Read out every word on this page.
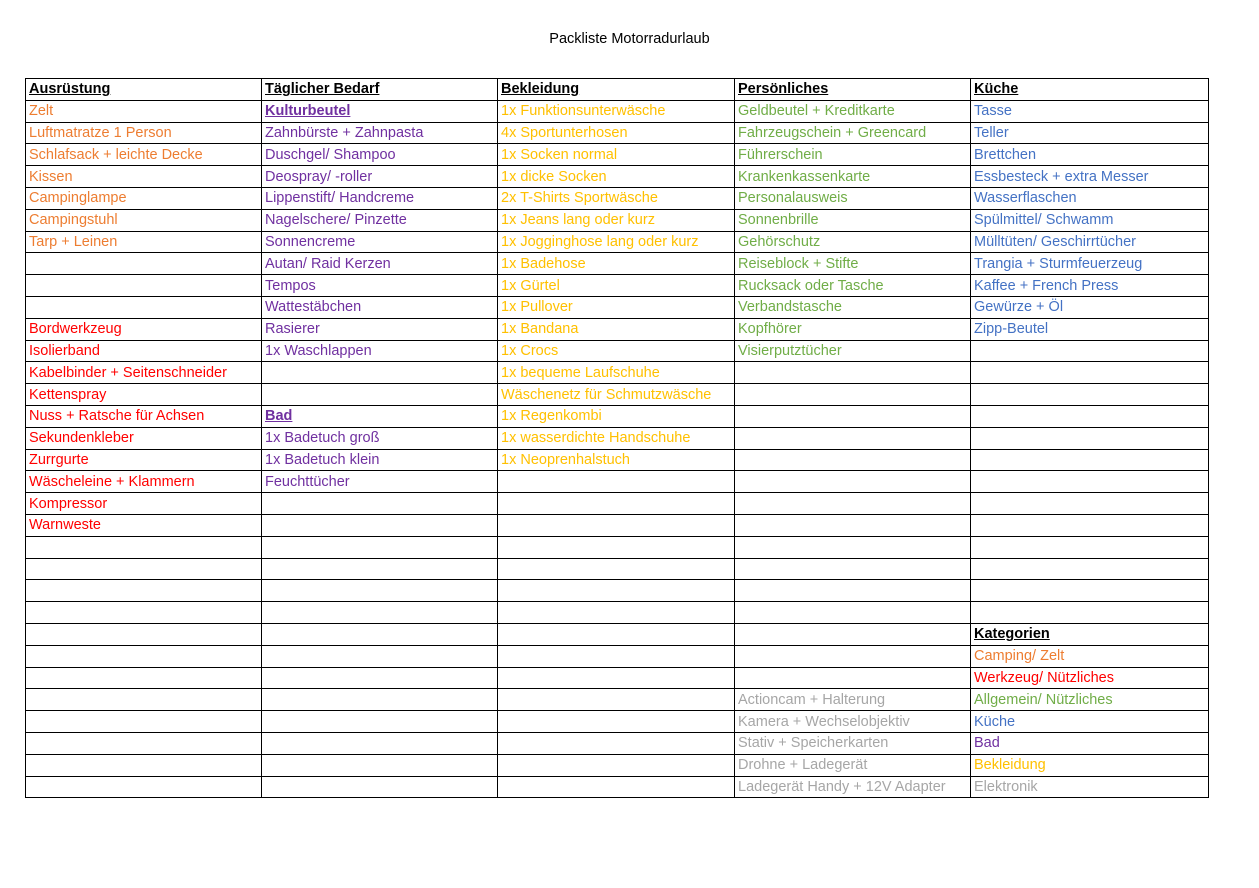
Packliste Motorradurlaub
Ausrüstung	Täglicher Bedarf	Bekleidung	Persönliches	Küche
Zelt	Kulturbeutel	1x Funktionsunterwäsche	Geldbeutel + Kreditkarte	Tasse
Luftmatratze 1 Person	Zahnbürste + Zahnpasta	4x Sportunterhosen	Fahrzeugschein + Greencard	Teller
Schlafsack + leichte Decke	Duschgel/ Shampoo	1x Socken normal	Führerschein	Brettchen
Kissen	Deospray/ -roller	1x dicke Socken	Krankenkassenkarte	Essbesteck + extra Messer
Campinglampe	Lippenstift/ Handcreme	2x T-Shirts Sportwäsche	Personalausweis	Wasserflaschen
Campingstuhl	Nagelschere/ Pinzette	1x Jeans lang oder kurz	Sonnenbrille	Spülmittel/ Schwamm
Tarp + Leinen	Sonnencreme	1x Jogginghose lang oder kurz	Gehörschutz	Mülltüten/ Geschirrtücher
	Autan/ Raid Kerzen	1x Badehose	Reiseblock + Stifte	Trangia + Sturmfeuerzeug
	Tempos	1x Gürtel	Rucksack oder Tasche	Kaffee + French Press
	Wattestäbchen	1x Pullover	Verbandstasche	Gewürze + Öl
Bordwerkzeug	Rasierer	1x Bandana	Kopfhörer	Zipp-Beutel
Isolierband	1x Waschlappen	1x Crocs	Visierputztücher	
Kabelbinder + Seitenschneider		1x bequeme Laufschuhe		
Kettenspray		Wäschenetz für Schmutzwäsche		
Nuss + Ratsche für Achsen	Bad	1x Regenkombi		
Sekundenkleber	1x Badetuch groß	1x wasserdichte Handschuhe		
Zurrgurte	1x Badetuch klein	1x Neoprenhalstuch		
Wäscheleine + Klammern	Feuchttücher			
Kompressor				
Warnweste				

				Kategorien
				Camping/ Zelt
				Werkzeug/ Nützliches
			Actioncam + Halterung	Allgemein/ Nützliches
			Kamera + Wechselobjektiv	Küche
			Stativ + Speicherkarten	Bad
			Drohne + Ladegerät	Bekleidung
			Ladegerät Handy + 12V Adapter	Elektronik
